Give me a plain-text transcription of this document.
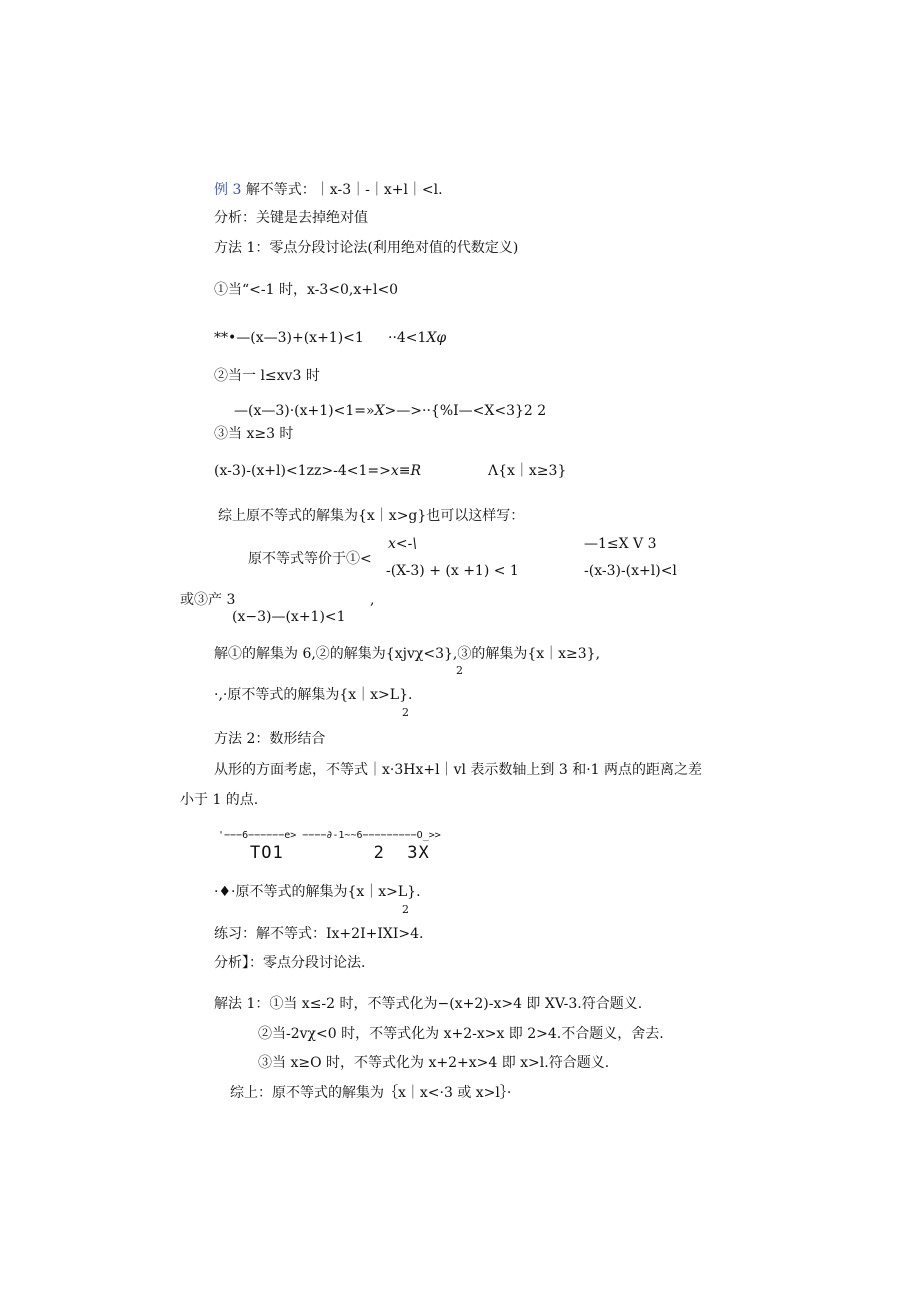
例 3 解不等式：｜x-3｜-｜x+l｜<l.
分析：关键是去掉绝对值
方法 1：零点分段讨论法(利用绝对值的代数定义)
①当“<-1 时，x-3<0,x+l<0
**•—(x—3)+(x+1)<1 ··4<1Xφ
②当一 l≤xv3 时
—(x—3)·(x+1)<1=»X>—>··{%I—<X<3}2 2
③当 x≥3 时
(x-3)-(x+l)<1zz>-4<1=>x≡R	Λ{x｜x≥3}
综上原不等式的解集为{x｜x>g}也可以这样写：
原不等式等价于①<
x<-\
-(X-3) + (x +1) < 1
—1≤X V 3
-(x-3)-(x+l)<l
或③产 3	,
(x−3)—(x+1)<1
解①的解集为 6,②的解集为{xjvχ<3},③的解集为{x｜x≥3},
2
·,·原不等式的解集为{x｜x>L}.
2
方法 2：数形结合
从形的方面考虑，不等式｜x·3Hx+l｜vl 表示数轴上到 3 和·1 两点的距离之差
小于 1 的点.
'−−−6−−−−−−e> −−−−∂-1~~6−−−−−−−−−O_>>
TO1        2  3X
·♦·原不等式的解集为{x｜x>L}.
2
练习：解不等式：Ix+2I+IXI>4.
分析】：零点分段讨论法.
解法 1：①当 x≤-2 时，不等式化为−(x+2)-x>4 即 XV-3.符合题义.
②当-2vχ<0 时，不等式化为 x+2-x>x 即 2>4.不合题义，舍去.
③当 x≥O 时，不等式化为 x+2+x>4 即 x>l.符合题义.
综上：原不等式的解集为｛x｜x<·3 或 x>l｝·
